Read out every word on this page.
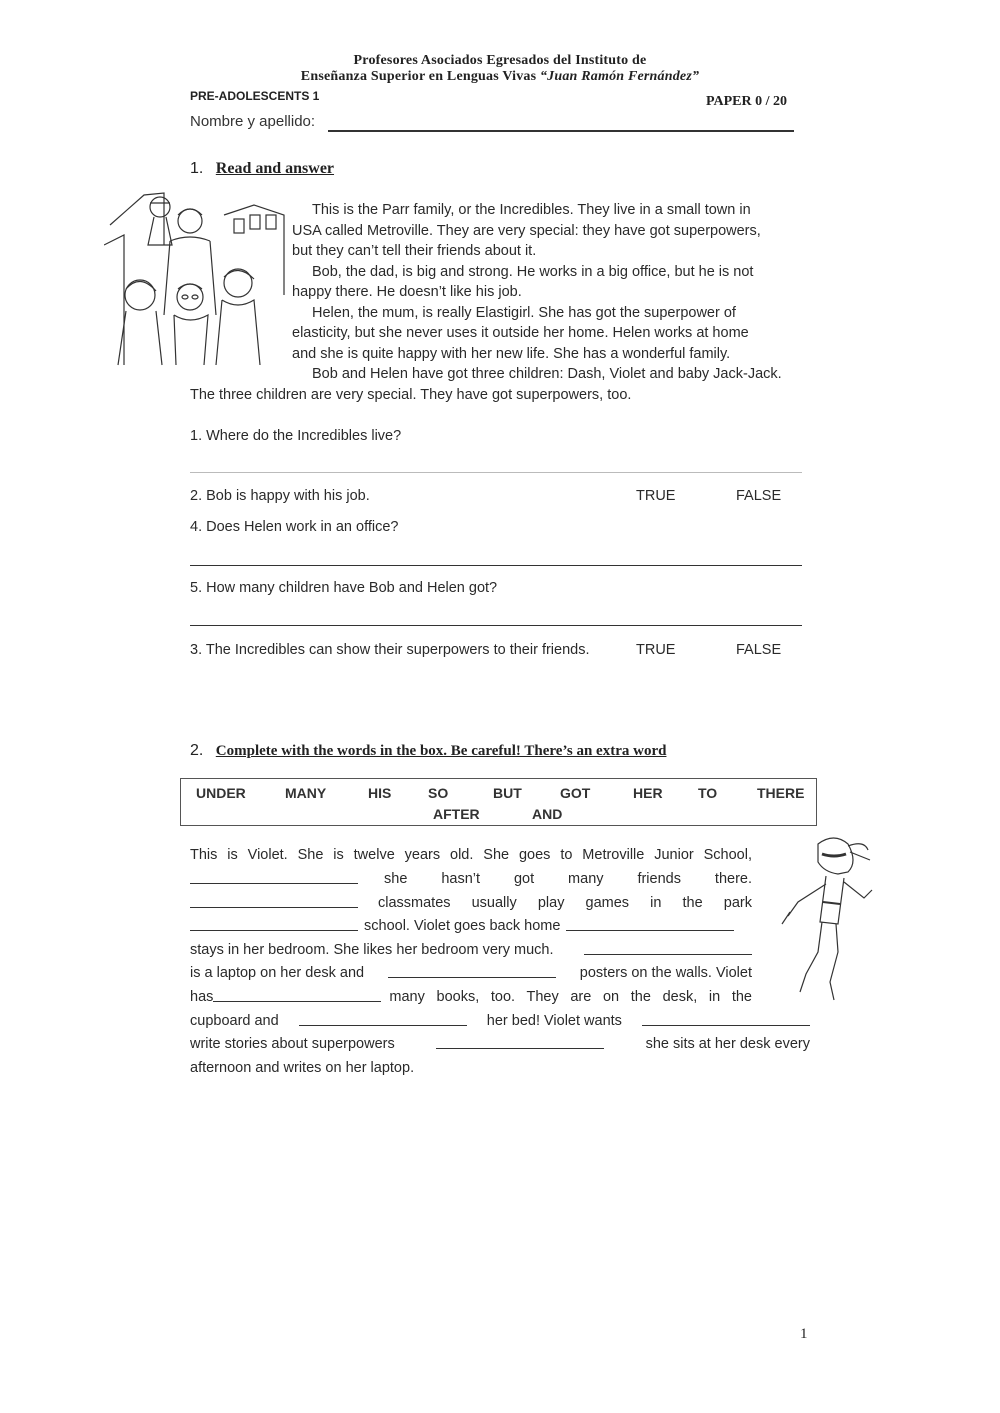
Profesores Asociados Egresados del Instituto de
Enseñanza Superior en Lenguas Vivas “Juan Ramón Fernández”
PRE-ADOLESCENTS 1	PAPER 0 / 20
Nombre y apellido:
1. Read and answer
This is the Parr family, or the Incredibles. They live in a small town in
USA called Metroville. They are very special: they have got superpowers,
but they can’t tell their friends about it.
Bob, the dad, is big and strong. He works in a big office, but he is not
happy there. He doesn’t like his job.
Helen, the mum, is really Elastigirl. She has got the superpower of
elasticity, but she never uses it outside her home. Helen works at home
and she is quite happy with her new life. She has a wonderful family.
Bob and Helen have got three children: Dash, Violet and baby Jack-Jack.
The three children are very special. They have got superpowers, too.
1. Where do the Incredibles live?
2. Bob is happy with his job.	TRUE	FALSE
4. Does Helen work in an office?
5. How many children have Bob and Helen got?
3. The Incredibles can show their superpowers to their friends.	TRUE	FALSE
2. Complete with the words in the box. Be careful! There’s an extra word
UNDER	MANY	HIS	SO	BUT	GOT	HER	TO	THERE
AFTER	AND
This is Violet. She is twelve years old. She goes to Metroville Junior School,
she hasn’t got many friends there.
classmates usually play games in the park
school. Violet goes back home
stays in her bedroom. She likes her bedroom very much.
is a laptop on her desk and	posters on the walls. Violet
has	many books, too. They are on the desk, in the
cupboard and	her bed! Violet wants
write stories about superpowers	she sits at her desk every
afternoon and writes on her laptop.
1
